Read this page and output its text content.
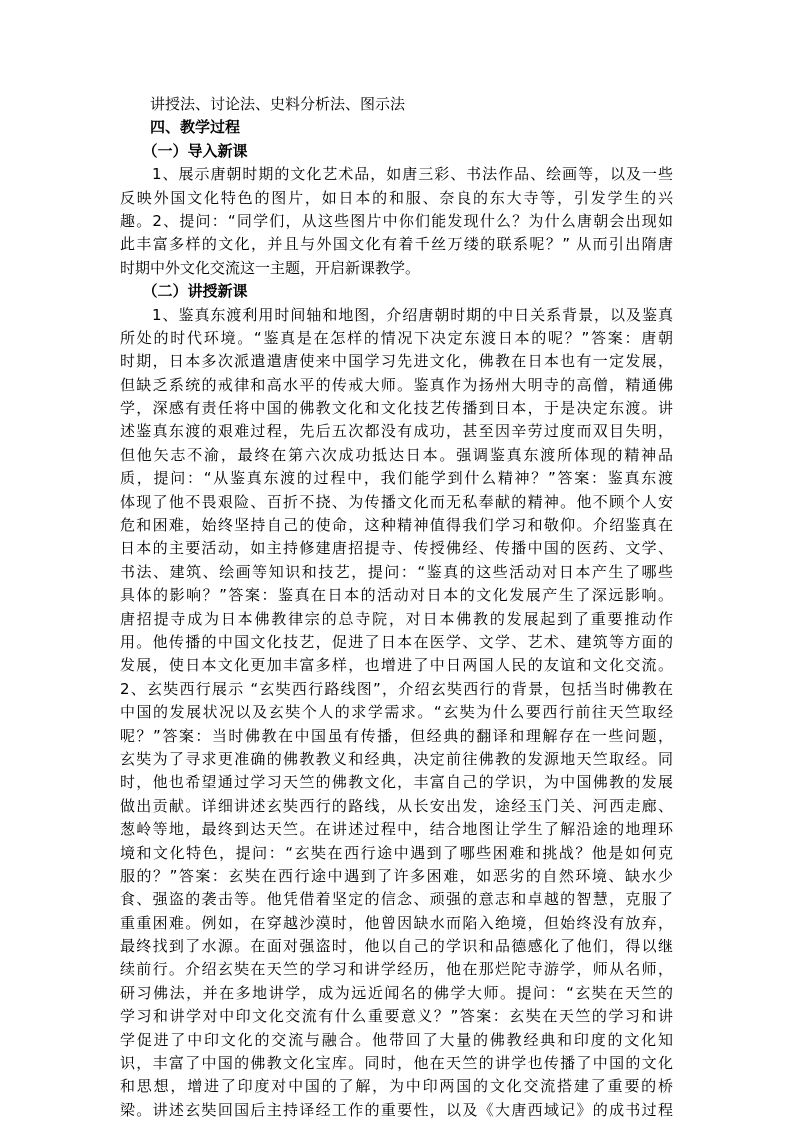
　　讲授法、讨论法、史料分析法、图示法
　　四、教学过程
　　（一）导入新课
　　1、展示唐朝时期的文化艺术品，如唐三彩、书法作品、绘画等，以及一些
反映外国文化特色的图片，如日本的和服、奈良的东大寺等，引发学生的兴
趣。2、提问：“同学们，从这些图片中你们能发现什么？为什么唐朝会出现如
此丰富多样的文化，并且与外国文化有着千丝万缕的联系呢？” 从而引出隋唐
时期中外文化交流这一主题，开启新课教学。
　　（二）讲授新课
　　1、鉴真东渡利用时间轴和地图，介绍唐朝时期的中日关系背景，以及鉴真
所处的时代环境。“鉴真是在怎样的情况下决定东渡日本的呢？”答案：唐朝
时期，日本多次派遣遣唐使来中国学习先进文化，佛教在日本也有一定发展，
但缺乏系统的戒律和高水平的传戒大师。鉴真作为扬州大明寺的高僧，精通佛
学，深感有责任将中国的佛教文化和文化技艺传播到日本，于是决定东渡。讲
述鉴真东渡的艰难过程，先后五次都没有成功，甚至因辛劳过度而双目失明，
但他矢志不渝，最终在第六次成功抵达日本。强调鉴真东渡所体现的精神品
质，提问：“从鉴真东渡的过程中，我们能学到什么精神？”答案：鉴真东渡
体现了他不畏艰险、百折不挠、为传播文化而无私奉献的精神。他不顾个人安
危和困难，始终坚持自己的使命，这种精神值得我们学习和敬仰。介绍鉴真在
日本的主要活动，如主持修建唐招提寺、传授佛经、传播中国的医药、文学、
书法、建筑、绘画等知识和技艺，提问：“鉴真的这些活动对日本产生了哪些
具体的影响？”答案：鉴真在日本的活动对日本的文化发展产生了深远影响。
唐招提寺成为日本佛教律宗的总寺院，对日本佛教的发展起到了重要推动作
用。他传播的中国文化技艺，促进了日本在医学、文学、艺术、建筑等方面的
发展，使日本文化更加丰富多样，也增进了中日两国人民的友谊和文化交流。
2、玄奘西行展示 “玄奘西行路线图”，介绍玄奘西行的背景，包括当时佛教在
中国的发展状况以及玄奘个人的求学需求。“玄奘为什么要西行前往天竺取经
呢？”答案：当时佛教在中国虽有传播，但经典的翻译和理解存在一些问题，
玄奘为了寻求更准确的佛教教义和经典，决定前往佛教的发源地天竺取经。同
时，他也希望通过学习天竺的佛教文化，丰富自己的学识，为中国佛教的发展
做出贡献。详细讲述玄奘西行的路线，从长安出发，途经玉门关、河西走廊、
葱岭等地，最终到达天竺。在讲述过程中，结合地图让学生了解沿途的地理环
境和文化特色，提问：“玄奘在西行途中遇到了哪些困难和挑战？他是如何克
服的？”答案：玄奘在西行途中遇到了许多困难，如恶劣的自然环境、缺水少
食、强盗的袭击等。他凭借着坚定的信念、顽强的意志和卓越的智慧，克服了
重重困难。例如，在穿越沙漠时，他曾因缺水而陷入绝境，但始终没有放弃，
最终找到了水源。在面对强盗时，他以自己的学识和品德感化了他们，得以继
续前行。介绍玄奘在天竺的学习和讲学经历，他在那烂陀寺游学，师从名师，
研习佛法，并在多地讲学，成为远近闻名的佛学大师。提问：“玄奘在天竺的
学习和讲学对中印文化交流有什么重要意义？”答案：玄奘在天竺的学习和讲
学促进了中印文化的交流与融合。他带回了大量的佛教经典和印度的文化知
识，丰富了中国的佛教文化宝库。同时，他在天竺的讲学也传播了中国的文化
和思想，增进了印度对中国的了解，为中印两国的文化交流搭建了重要的桥
梁。讲述玄奘回国后主持译经工作的重要性，以及《大唐西域记》的成书过程
